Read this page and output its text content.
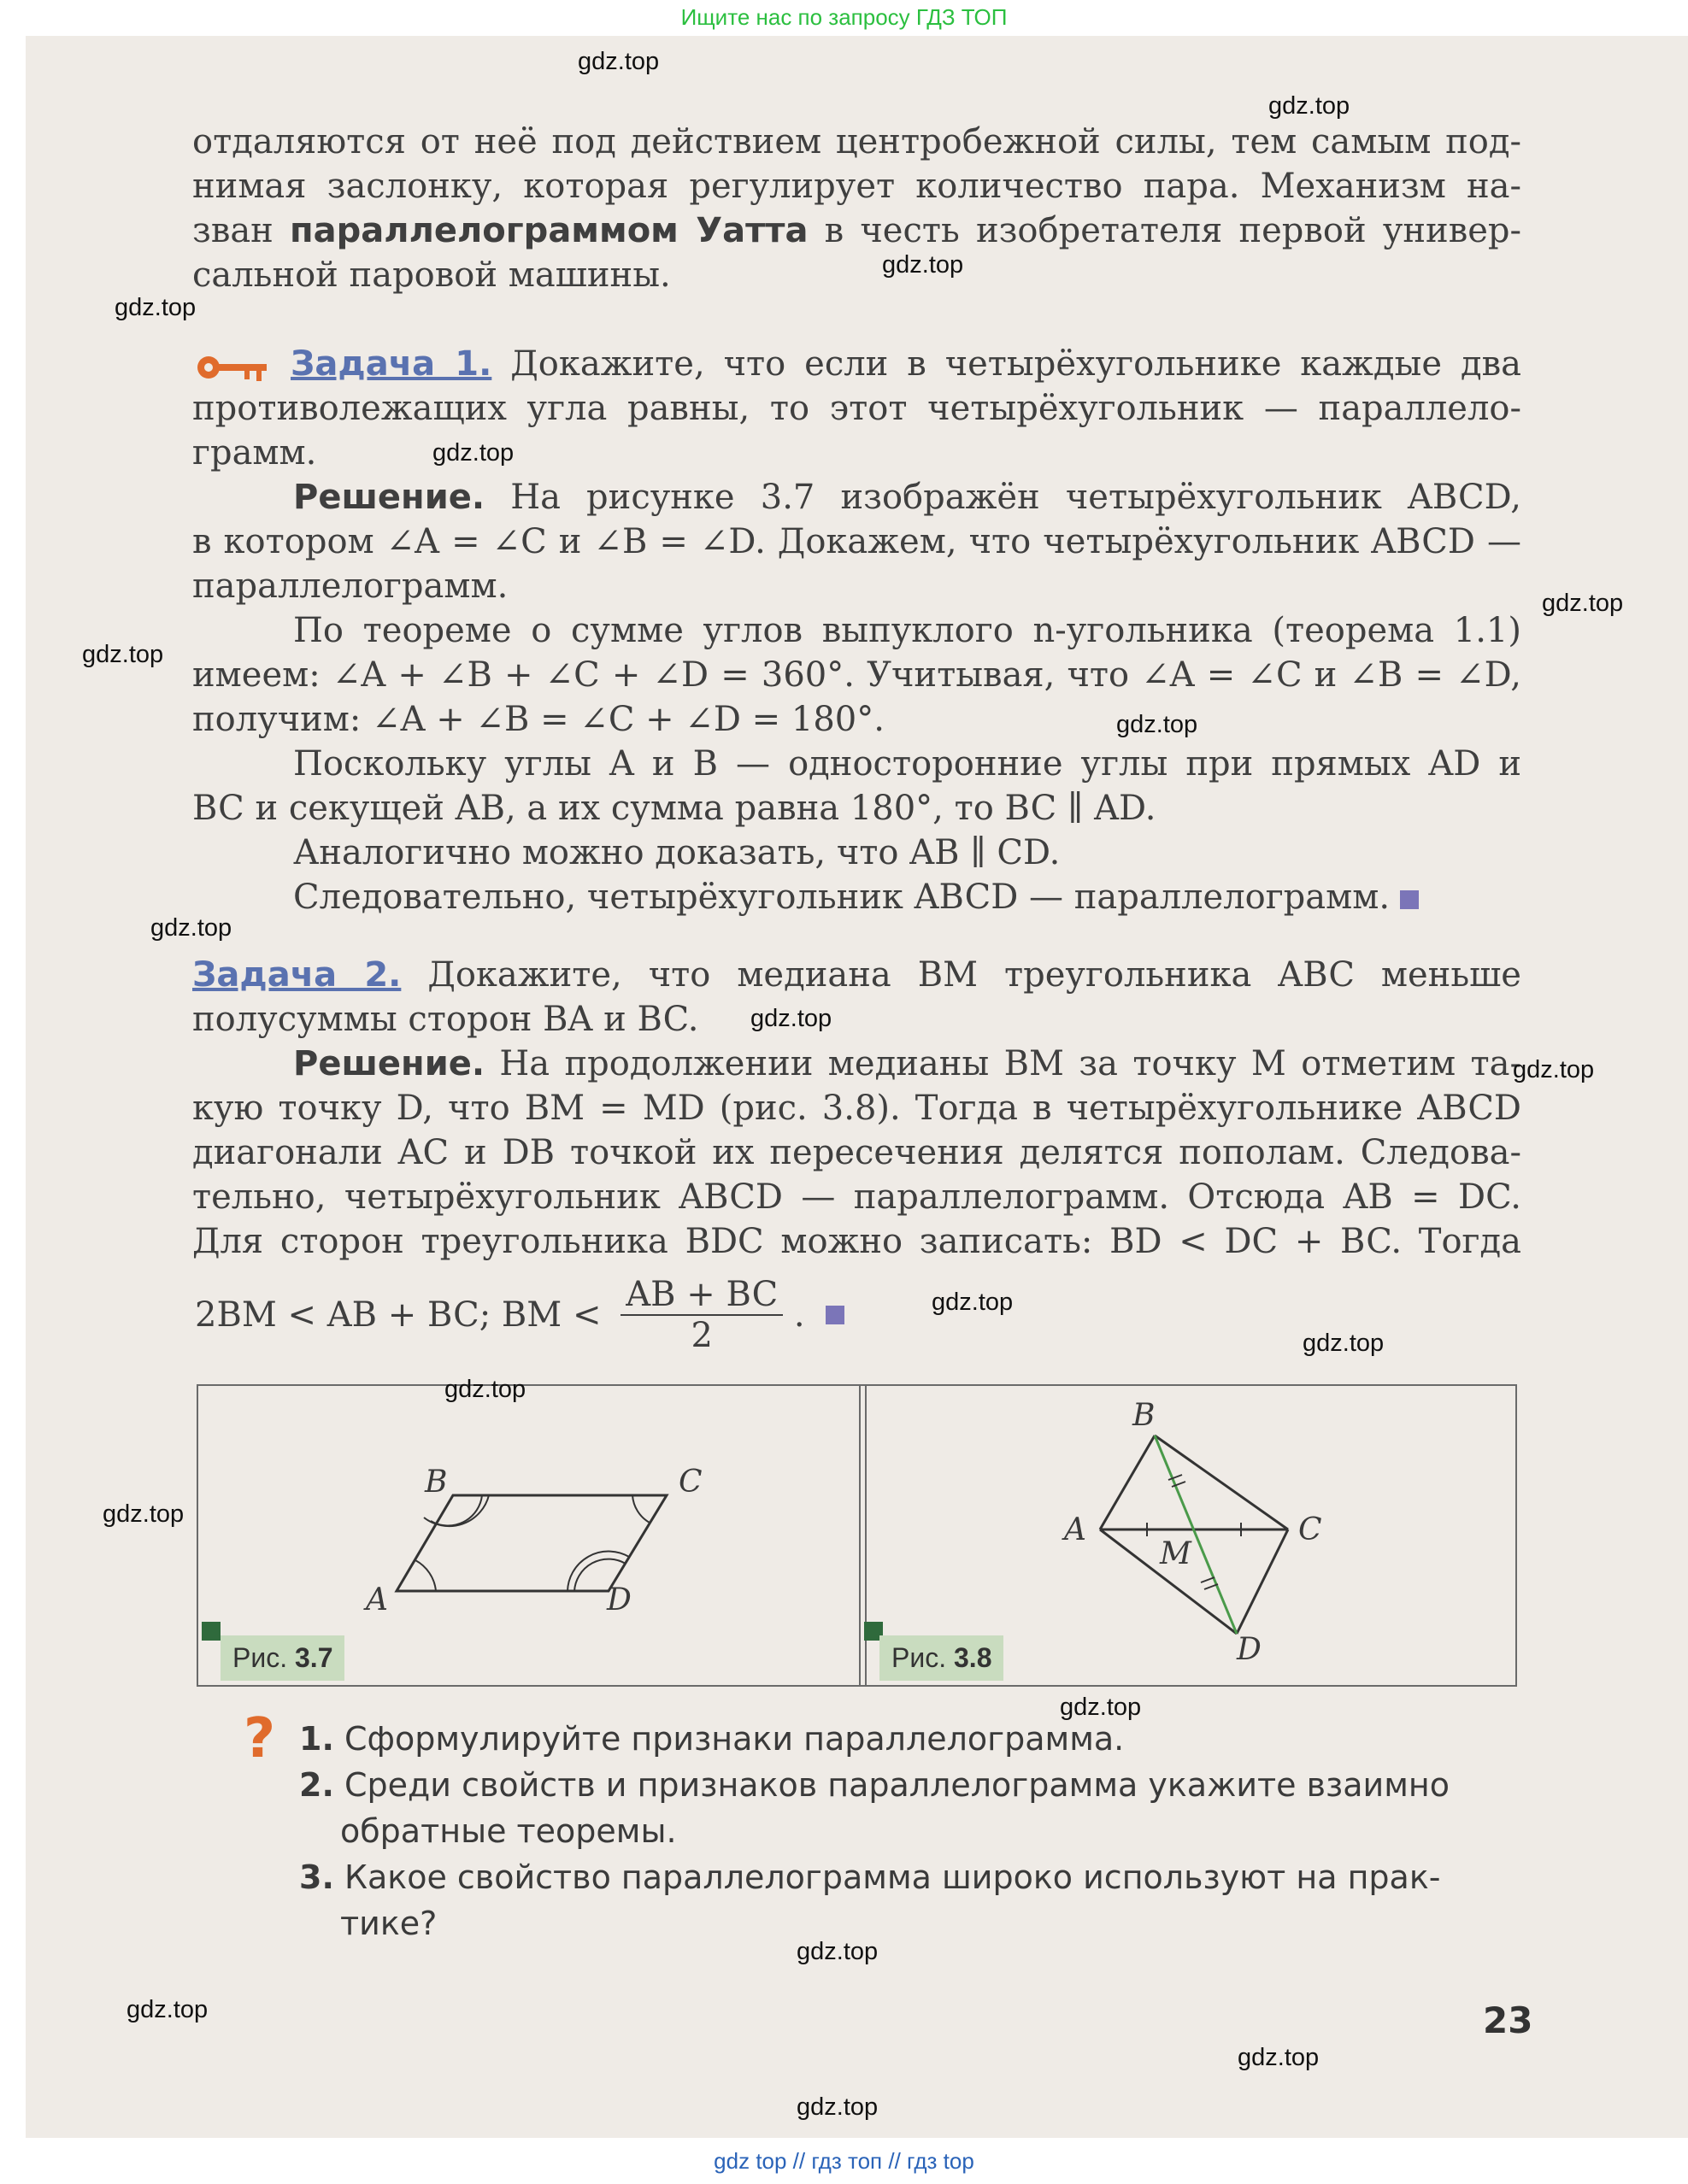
Ищите нас по запросу ГДЗ ТОП
отдаляются от неё под действием центробежной силы, тем самым под-
нимая заслонку, которая регулирует количество пара. Механизм на-
зван параллелограммом Уатта в честь изобретателя первой универ-
сальной паровой машины.
Задача 1. Докажите, что если в четырёхугольнике каждые два
противолежащих угла равны, то этот четырёхугольник — параллело-
грамм.
Решение. На рисунке 3.7 изображён четырёхугольник ABCD,
в котором ∠A = ∠C и ∠B = ∠D. Докажем, что четырёхугольник ABCD —
параллелограмм.
По теореме о сумме углов выпуклого n-угольника (теорема 1.1)
имеем: ∠A + ∠B + ∠C + ∠D = 360°. Учитывая, что ∠A = ∠C и ∠B = ∠D,
получим: ∠A + ∠B = ∠C + ∠D = 180°.
Поскольку углы A и B — односторонние углы при прямых AD и
BC и секущей AB, а их сумма равна 180°, то BC ∥ AD.
Аналогично можно доказать, что AB ∥ CD.
Следовательно, четырёхугольник ABCD — параллелограмм.
Задача 2. Докажите, что медиана BM треугольника ABC меньше
полусуммы сторон BA и BC.
Решение. На продолжении медианы BM за точку M отметим та-
кую точку D, что BM = MD (рис. 3.8). Тогда в четырёхугольнике ABCD
диагонали AC и DB точкой их пересечения делятся пополам. Следова-
тельно, четырёхугольник ABCD — параллелограмм. Отсюда AB = DC.
Для сторон треугольника BDC можно записать: BD < DC + BC. Тогда
2BM < AB + BC; BM < $\frac{AB + BC}{2}$ .
B	C
A	D
Рис. 3.7
B
A	C
M
D
Рис. 3.8
? 1. Сформулируйте признаки параллелограмма.
2. Среди свойств и признаков параллелограмма укажите взаимно
обратные теоремы.
3. Какое свойство параллелограмма широко используют на прак-
тике?
23
gdz.top
gdz.top
gdz.top
gdz.top
gdz.top
gdz.top
gdz.top
gdz.top
gdz.top
gdz.top
gdz.top
gdz.top
gdz.top
gdz.top
gdz.top
gdz.top
gdz.top
gdz.top
gdz.top
gdz.top
gdz top // гдз топ // гдз top
